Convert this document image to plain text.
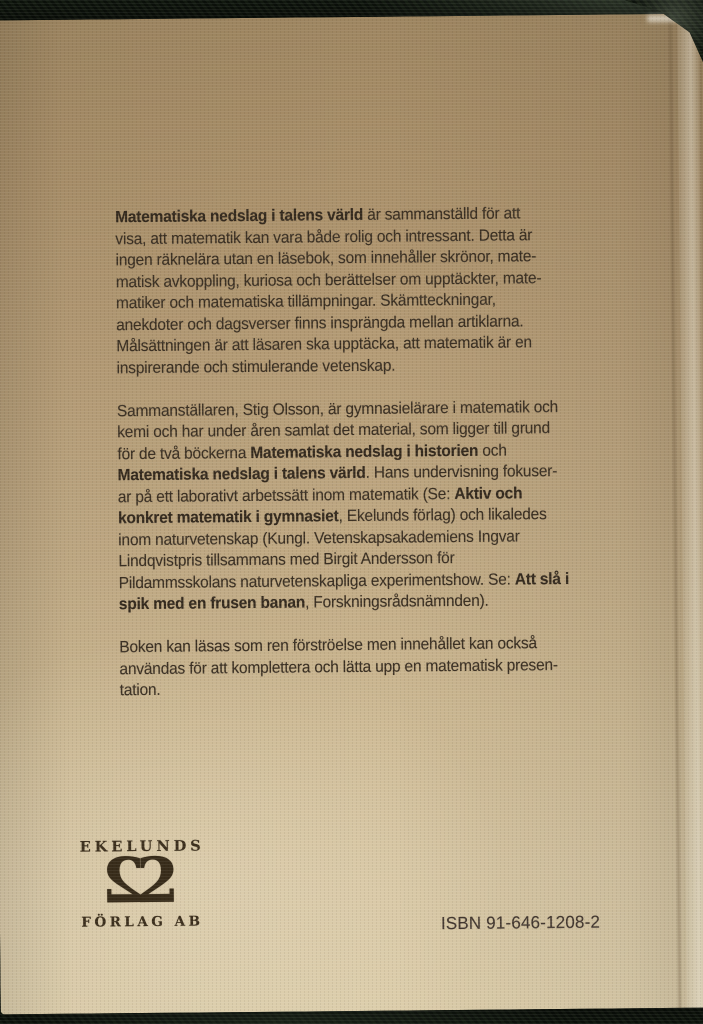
Matematiska nedslag i talens värld är sammanställd för att
visa, att matematik kan vara både rolig och intressant. Detta är
ingen räknelära utan en läsebok, som innehåller skrönor, mate-
matisk avkoppling, kuriosa och berättelser om upptäckter, mate-
matiker och matematiska tillämpningar. Skämtteckningar,
anekdoter och dagsverser finns insprängda mellan artiklarna.
Målsättningen är att läsaren ska upptäcka, att matematik är en
inspirerande och stimulerande vetenskap.
Sammanställaren, Stig Olsson, är gymnasielärare i matematik och
kemi och har under åren samlat det material, som ligger till grund
för de två böckerna Matematiska nedslag i historien och
Matematiska nedslag i talens värld. Hans undervisning fokuser-
ar på ett laborativt arbetssätt inom matematik (Se: Aktiv och
konkret matematik i gymnasiet, Ekelunds förlag) och likaledes
inom naturvetenskap (Kungl. Vetenskapsakademiens Ingvar
Lindqvistpris tillsammans med Birgit Andersson för
Pildammsskolans naturvetenskapliga experimentshow. Se: Att slå i
spik med en frusen banan, Forskningsrådsnämnden).
Boken kan läsas som ren förströelse men innehållet kan också
användas för att komplettera och lätta upp en matematisk presen-
tation.
EKELUNDS
2
2
FÖRLAG AB	ISBN 91-646-1208-2
